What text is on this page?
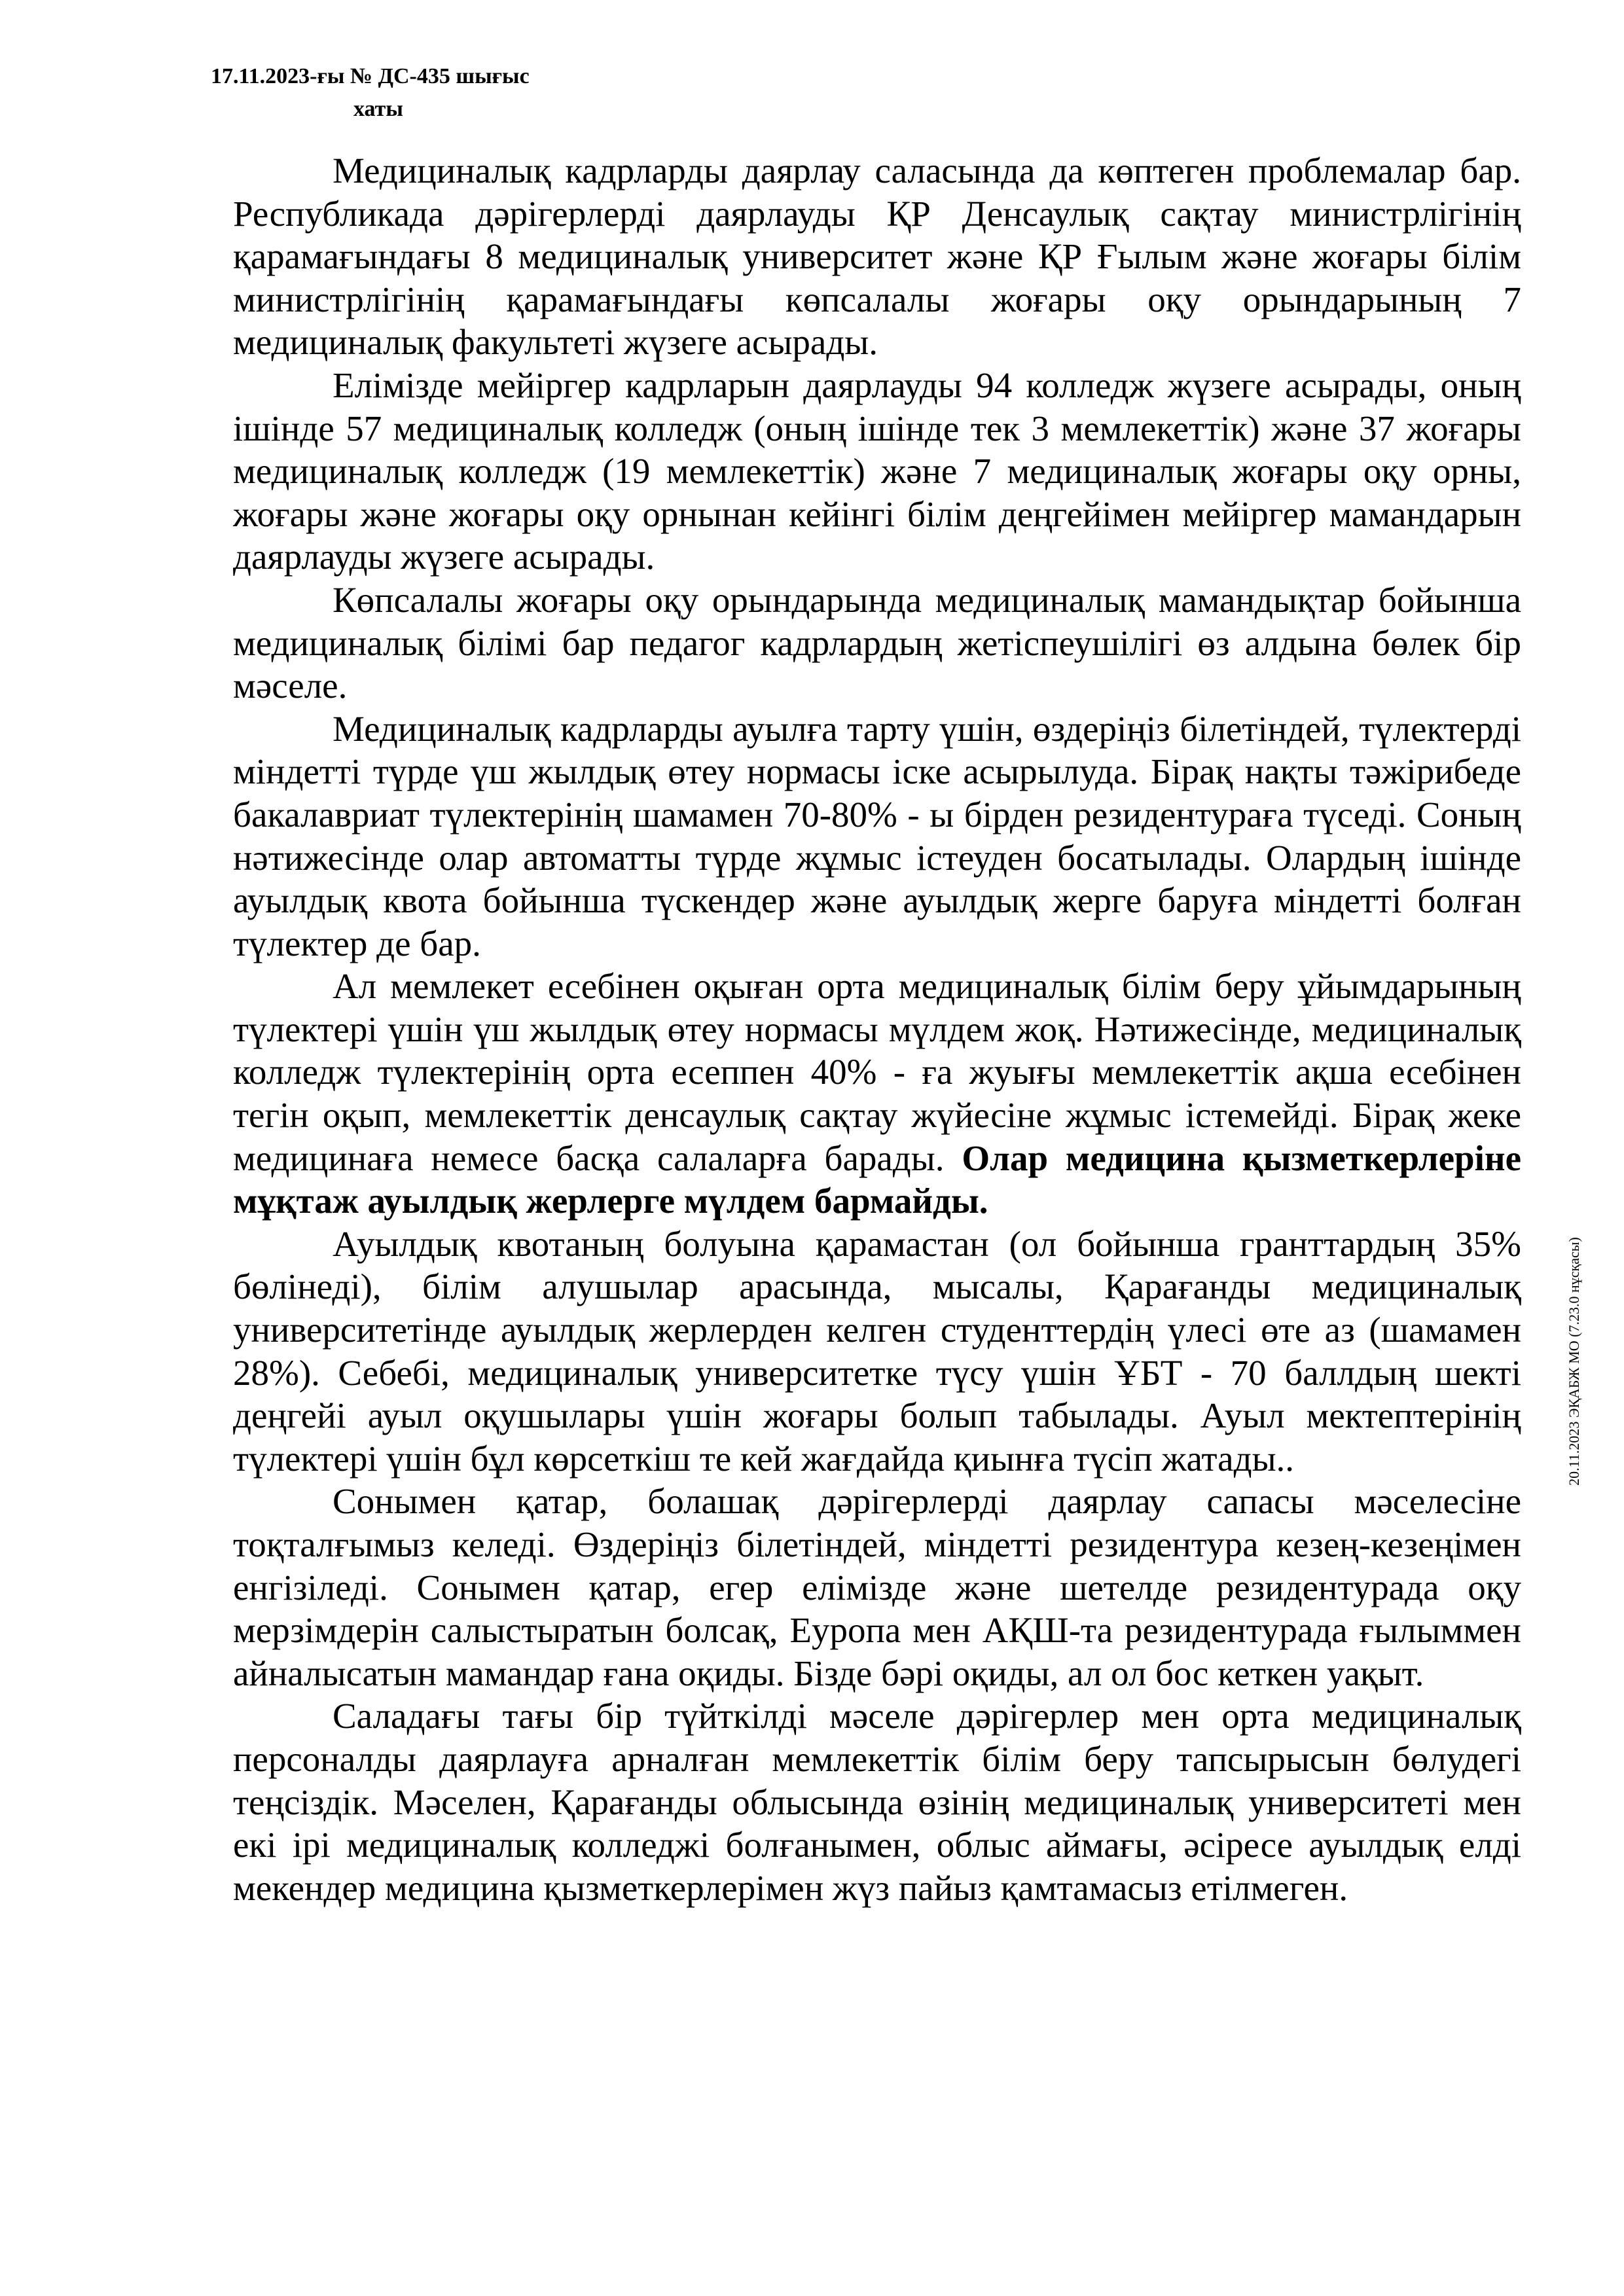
17.11.2023-ғы № ДС-435 шығыс
хаты

Медициналық кадрларды даярлау саласында да көптеген проблемалар бар. Республикада дәрігерлерді даярлауды ҚР Денсаулық сақтау министрлігінің қарамағындағы 8 медициналық университет және ҚР Ғылым және жоғары білім министрлігінің қарамағындағы көпсалалы жоғары оқу орындарының 7 медициналық факультеті жүзеге асырады.

Елімізде мейіргер кадрларын даярлауды 94 колледж жүзеге асырады, оның ішінде 57 медициналық колледж (оның ішінде тек 3 мемлекеттік) және 37 жоғары медициналық колледж (19 мемлекеттік) және 7 медициналық жоғары оқу орны, жоғары және жоғары оқу орнынан кейінгі білім деңгейімен мейіргер мамандарын даярлауды жүзеге асырады.

Көпсалалы жоғары оқу орындарында медициналық мамандықтар бойынша медициналық білімі бар педагог кадрлардың жетіспеушілігі өз алдына бөлек бір мәселе.

Медициналық кадрларды ауылға тарту үшін, өздеріңіз білетіндей, түлектерді міндетті түрде үш жылдық өтеу нормасы іске асырылуда. Бірақ нақты тәжірибеде бакалавриат түлектерінің шамамен 70-80% - ы бірден резидентураға түседі. Соның нәтижесінде олар автоматты түрде жұмыс істеуден босатылады. Олардың ішінде ауылдық квота бойынша түскендер және ауылдық жерге баруға міндетті болған түлектер де бар.

Ал мемлекет есебінен оқыған орта медициналық білім беру ұйымдарының түлектері үшін үш жылдық өтеу нормасы мүлдем жоқ. Нәтижесінде, медициналық колледж түлектерінің орта есеппен 40% - ға жуығы мемлекеттік ақша есебінен тегін оқып, мемлекеттік денсаулық сақтау жүйесіне жұмыс істемейді. Бірақ жеке медицинаға немесе басқа салаларға барады. Олар медицина қызметкерлеріне мұқтаж ауылдық жерлерге мүлдем бармайды.

Ауылдық квотаның болуына қарамастан (ол бойынша гранттардың 35% бөлінеді), білім алушылар арасында, мысалы, Қарағанды медициналық университетінде ауылдық жерлерден келген студенттердің үлесі өте аз (шамамен 28%). Себебі, медициналық университетке түсу үшін ҰБТ - 70 баллдың шекті деңгейі ауыл оқушылары үшін жоғары болып табылады. Ауыл мектептерінің түлектері үшін бұл көрсеткіш те кей жағдайда қиынға түсіп жатады..

Сонымен қатар, болашақ дәрігерлерді даярлау сапасы мәселесіне тоқталғымыз келеді. Өздеріңіз білетіндей, міндетті резидентура кезең-кезеңімен енгізіледі. Сонымен қатар, егер елімізде және шетелде резидентурада оқу мерзімдерін салыстыратын болсақ, Еуропа мен АҚШ-та резидентурада ғылыммен айналысатын мамандар ғана оқиды. Бізде бәрі оқиды, ал ол бос кеткен уақыт.

Саладағы тағы бір түйткілді мәселе дәрігерлер мен орта медициналық персоналды даярлауға арналған мемлекеттік білім беру тапсырысын бөлудегі теңсіздік. Мәселен, Қарағанды облысында өзінің медициналық университеті мен екі ірі медициналық колледжі болғанымен, облыс аймағы, әсіресе ауылдық елді мекендер медицина қызметкерлерімен жүз пайыз қамтамасыз етілмеген.

20.11.2023 ЭҚАБЖ МО (7.23.0 нұсқасы)
